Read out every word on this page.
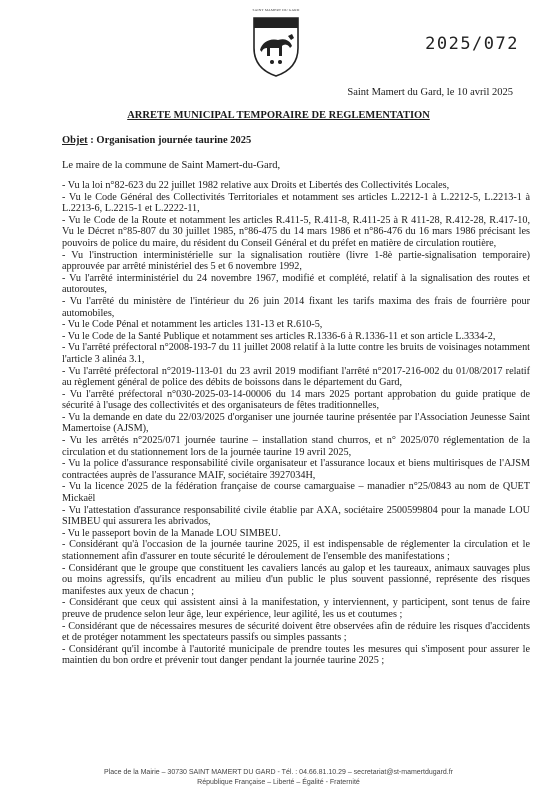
SAINT MAMERT DU GARD
2025/072
Saint Mamert du Gard, le 10 avril 2025
ARRETE MUNICIPAL TEMPORAIRE DE REGLEMENTATION
Objet : Organisation journée taurine 2025
Le maire de la commune de Saint Mamert-du-Gard,

- Vu la loi n°82-623 du 22 juillet 1982 relative aux Droits et Libertés des Collectivités Locales,

- Vu le Code Général des Collectivités Territoriales et notamment ses articles L.2212-1 à L.2212-5, L.2213-1 à L.2213-6, L.2215-1 et L.2222-11,

- Vu le Code de la Route et notamment les articles R.411-5, R.411-8, R.411-25 à R 411-28, R.412-28, R.417-10, Vu le Décret n°85-807 du 30 juillet 1985, n°86-475 du 14 mars 1986 et n°86-476 du 16 mars 1986 précisant les pouvoirs de police du maire, du résident du Conseil Général et du préfet en matière de circulation routière,

- Vu l'instruction interministérielle sur la signalisation routière (livre 1-8è partie-signalisation temporaire) approuvée par arrêté ministériel des 5 et 6 novembre 1992,

- Vu l'arrêté interministériel du 24 novembre 1967, modifié et complété, relatif à la signalisation des routes et autoroutes,

- Vu l'arrêté du ministère de l'intérieur du 26 juin 2014 fixant les tarifs maxima des frais de fourrière pour automobiles,

- Vu le Code Pénal et notamment les articles 131-13 et R.610-5,

- Vu le Code de la Santé Publique et notamment ses articles R.1336-6 à R.1336-11 et son article L.3334-2,

- Vu l'arrêté préfectoral n°2008-193-7 du 11 juillet 2008 relatif à la lutte contre les bruits de voisinages notamment l'article 3 alinéa 3.1,

- Vu l'arrêté préfectoral n°2019-113-01 du 23 avril 2019 modifiant l'arrêté n°2017-216-002 du 01/08/2017 relatif au règlement général de police des débits de boissons dans le département du Gard,

- Vu l'arrêté préfectoral n°030-2025-03-14-00006 du 14 mars 2025 portant approbation du guide pratique de sécurité à l'usage des collectivités et des organisateurs de fêtes traditionnelles,

- Vu la demande en date du 22/03/2025 d'organiser une journée taurine présentée par l'Association Jeunesse Saint Mamertoise (AJSM),

- Vu les arrêtés n°2025/071 journée taurine – installation stand churros, et n° 2025/070 réglementation de la circulation et du stationnement lors de la journée taurine 19 avril 2025,

- Vu la police d'assurance responsabilité civile organisateur et l'assurance locaux et biens multirisques de l'AJSM contractées auprès de l'assurance MAIF, sociétaire 3927034H,

- Vu la licence 2025 de la fédération française de course camarguaise – manadier n°25/0843 au nom de QUET Mickaël

- Vu l'attestation d'assurance responsabilité civile établie par AXA, sociétaire 2500599804 pour la manade LOU SIMBEU qui assurera les abrivados,

- Vu le passeport bovin de la Manade LOU SIMBEU.

- Considérant qu'à l'occasion de la journée taurine 2025, il est indispensable de réglementer la circulation et le stationnement afin d'assurer en toute sécurité le déroulement de l'ensemble des manifestations ;

- Considérant que le groupe que constituent les cavaliers lancés au galop et les taureaux, animaux sauvages plus ou moins agressifs, qu'ils encadrent au milieu d'un public le plus souvent passionné, représente des risques manifestes aux yeux de chacun ;

- Considérant que ceux qui assistent ainsi à la manifestation, y interviennent, y participent, sont tenus de faire preuve de prudence selon leur âge, leur expérience, leur agilité, les us et coutumes ;

- Considérant que de nécessaires mesures de sécurité doivent être observées afin de réduire les risques d'accidents et de protéger notamment les spectateurs passifs ou simples passants ;

- Considérant qu'il incombe à l'autorité municipale de prendre toutes les mesures qui s'imposent pour assurer le maintien du bon ordre et prévenir tout danger pendant la journée taurine 2025 ;

Place de la Mairie – 30730 SAINT MAMERT DU GARD - Tél. : 04.66.81.10.29 – secretariat@st-mamertdugard.fr
République Française – Liberté – Égalité - Fraternité
